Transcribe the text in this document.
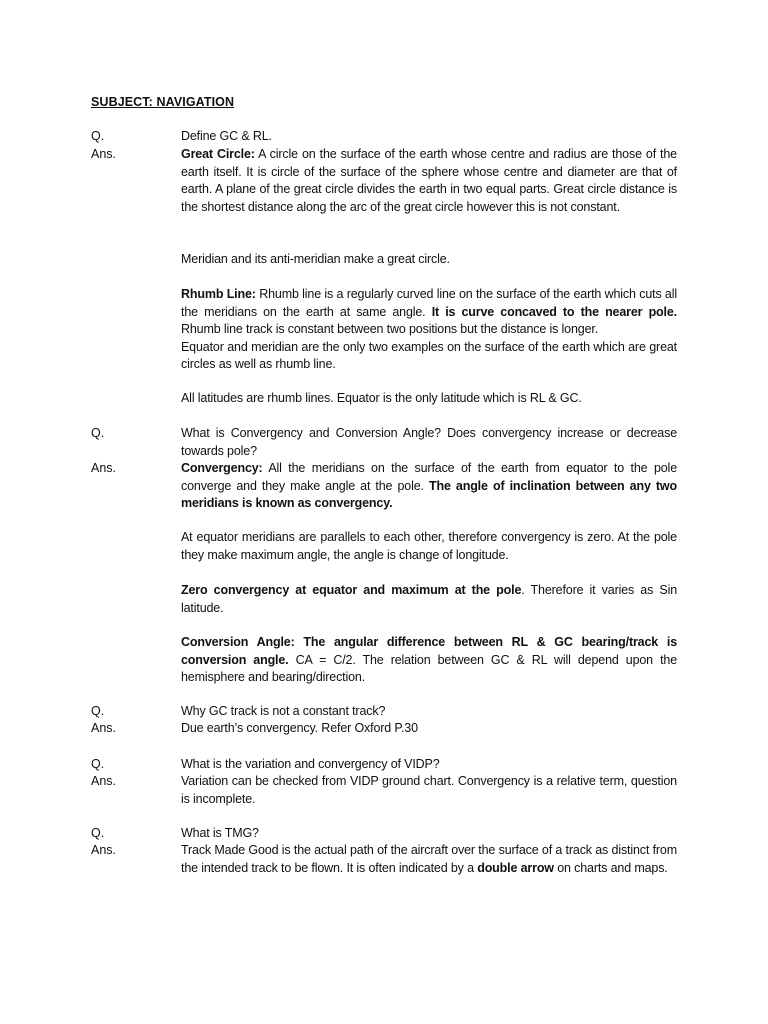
SUBJECT: NAVIGATION
Q.	Define GC & RL.

Ans.	Great Circle: A circle on the surface of the earth whose centre and radius are those of the earth itself. It is circle of the surface of the sphere whose centre and diameter are that of earth. A plane of the great circle divides the earth in two equal parts. Great circle distance is the shortest distance along the arc of the great circle however this is not constant.

Meridian and its anti-meridian make a great circle.

Rhumb Line: Rhumb line is a regularly curved line on the surface of the earth which cuts all the meridians on the earth at same angle. It is curve concaved to the nearer pole. Rhumb line track is constant between two positions but the distance is longer.

Equator and meridian are the only two examples on the surface of the earth which are great circles as well as rhumb line.

All latitudes are rhumb lines. Equator is the only latitude which is RL & GC.

Q.	What is Convergency and Conversion Angle? Does convergency increase or decrease towards pole?

Ans.	Convergency: All the meridians on the surface of the earth from equator to the pole converge and they make angle at the pole. The angle of inclination between any two meridians is known as convergency.

At equator meridians are parallels to each other, therefore convergency is zero. At the pole they make maximum angle, the angle is change of longitude.

Zero convergency at equator and maximum at the pole. Therefore it varies as Sin latitude.

Conversion Angle: The angular difference between RL & GC bearing/track is conversion angle. CA = C/2. The relation between GC & RL will depend upon the hemisphere and bearing/direction.

Q.	Why GC track is not a constant track?

Ans.	Due earth’s convergency. Refer Oxford P.30

Q.	What is the variation and convergency of VIDP?

Ans.	Variation can be checked from VIDP ground chart. Convergency is a relative term, question is incomplete.

Q.	What is TMG?

Ans.	Track Made Good is the actual path of the aircraft over the surface of a track as distinct from the intended track to be flown. It is often indicated by a double arrow on charts and maps.
